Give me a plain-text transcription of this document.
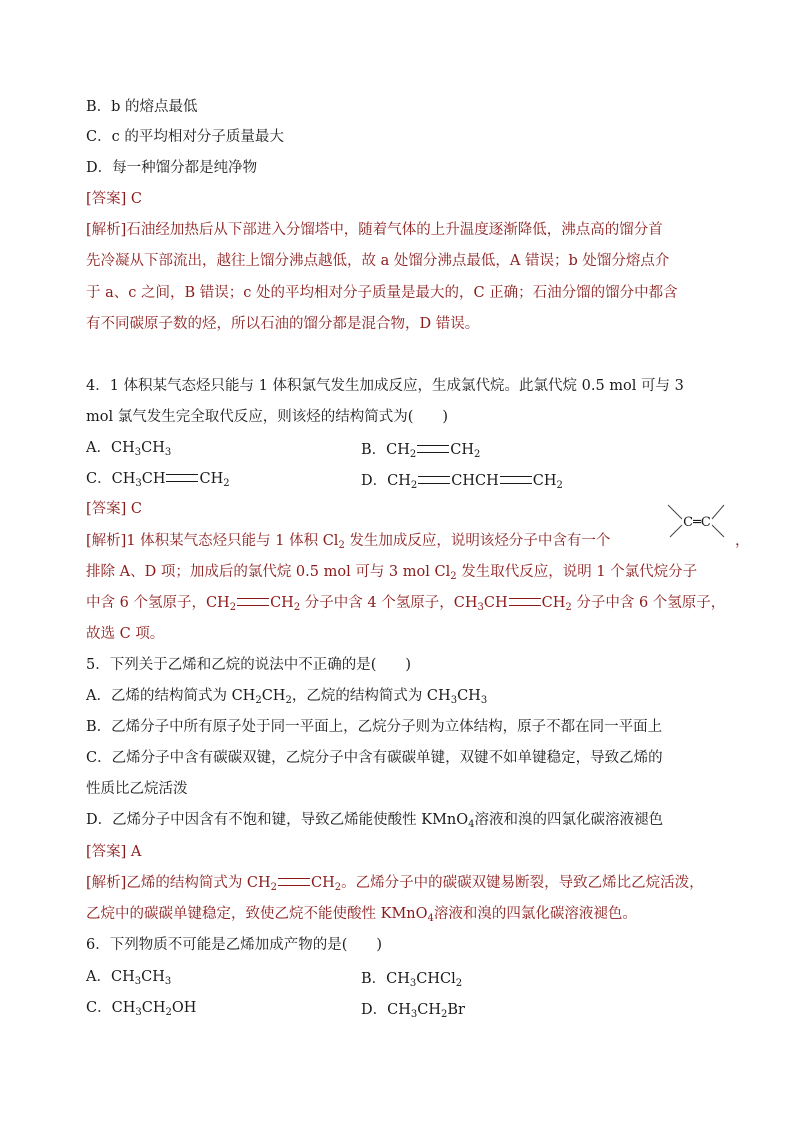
B．b 的熔点最低
C．c 的平均相对分子质量最大
D．每一种馏分都是纯净物
[答案] C
[解析]石油经加热后从下部进入分馏塔中，随着气体的上升温度逐渐降低，沸点高的馏分首
先冷凝从下部流出，越往上馏分沸点越低，故 a 处馏分沸点最低，A 错误；b 处馏分熔点介
于 a、c 之间，B 错误；c 处的平均相对分子质量是最大的，C 正确；石油分馏的馏分中都含
有不同碳原子数的烃，所以石油的馏分都是混合物，D 错误。
4．1 体积某气态烃只能与 1 体积氯气发生加成反应，生成氯代烷。此氯代烷 0.5 mol 可与 3
mol 氯气发生完全取代反应，则该烃的结构简式为(　　)
A．$CH_3CH_3$	B．$CH_2$ $CH_2$
C．$CH_3CH$ $CH_2$	D．$CH_2$ CHCH $CH_2$
[答案] C
C═C
[解析]1 体积某气态烃只能与 1 体积 $Cl_2$ 发生加成反应，说明该烃分子中含有一个	，
排除 A、D 项；加成后的氯代烷 0.5 mol 可与 3 mol $Cl_2$ 发生取代反应，说明 1 个氯代烷分子
中含 6 个氢原子，$CH_2$ $CH_2$ 分子中含 4 个氢原子，$CH_3CH$ $CH_2$ 分子中含 6 个氢原子，
故选 C 项。
5．下列关于乙烯和乙烷的说法中不正确的是(　　)
A．乙烯的结构简式为 $CH_2CH_2$，乙烷的结构简式为 $CH_3CH_3$
B．乙烯分子中所有原子处于同一平面上，乙烷分子则为立体结构，原子不都在同一平面上
C．乙烯分子中含有碳碳双键，乙烷分子中含有碳碳单键，双键不如单键稳定，导致乙烯的
性质比乙烷活泼
D．乙烯分子中因含有不饱和键，导致乙烯能使酸性 KMnO$_4$溶液和溴的四氯化碳溶液褪色
[答案] A
[解析]乙烯的结构简式为 $CH_2$ $CH_2$。乙烯分子中的碳碳双键易断裂，导致乙烯比乙烷活泼，
乙烷中的碳碳单键稳定，致使乙烷不能使酸性 KMnO$_4$溶液和溴的四氯化碳溶液褪色。
6．下列物质不可能是乙烯加成产物的是(　　)
A．$CH_3CH_3$	B．$CH_3CHCl_2$
C．$CH_3CH_2OH$	D．$CH_3CH_2Br$
